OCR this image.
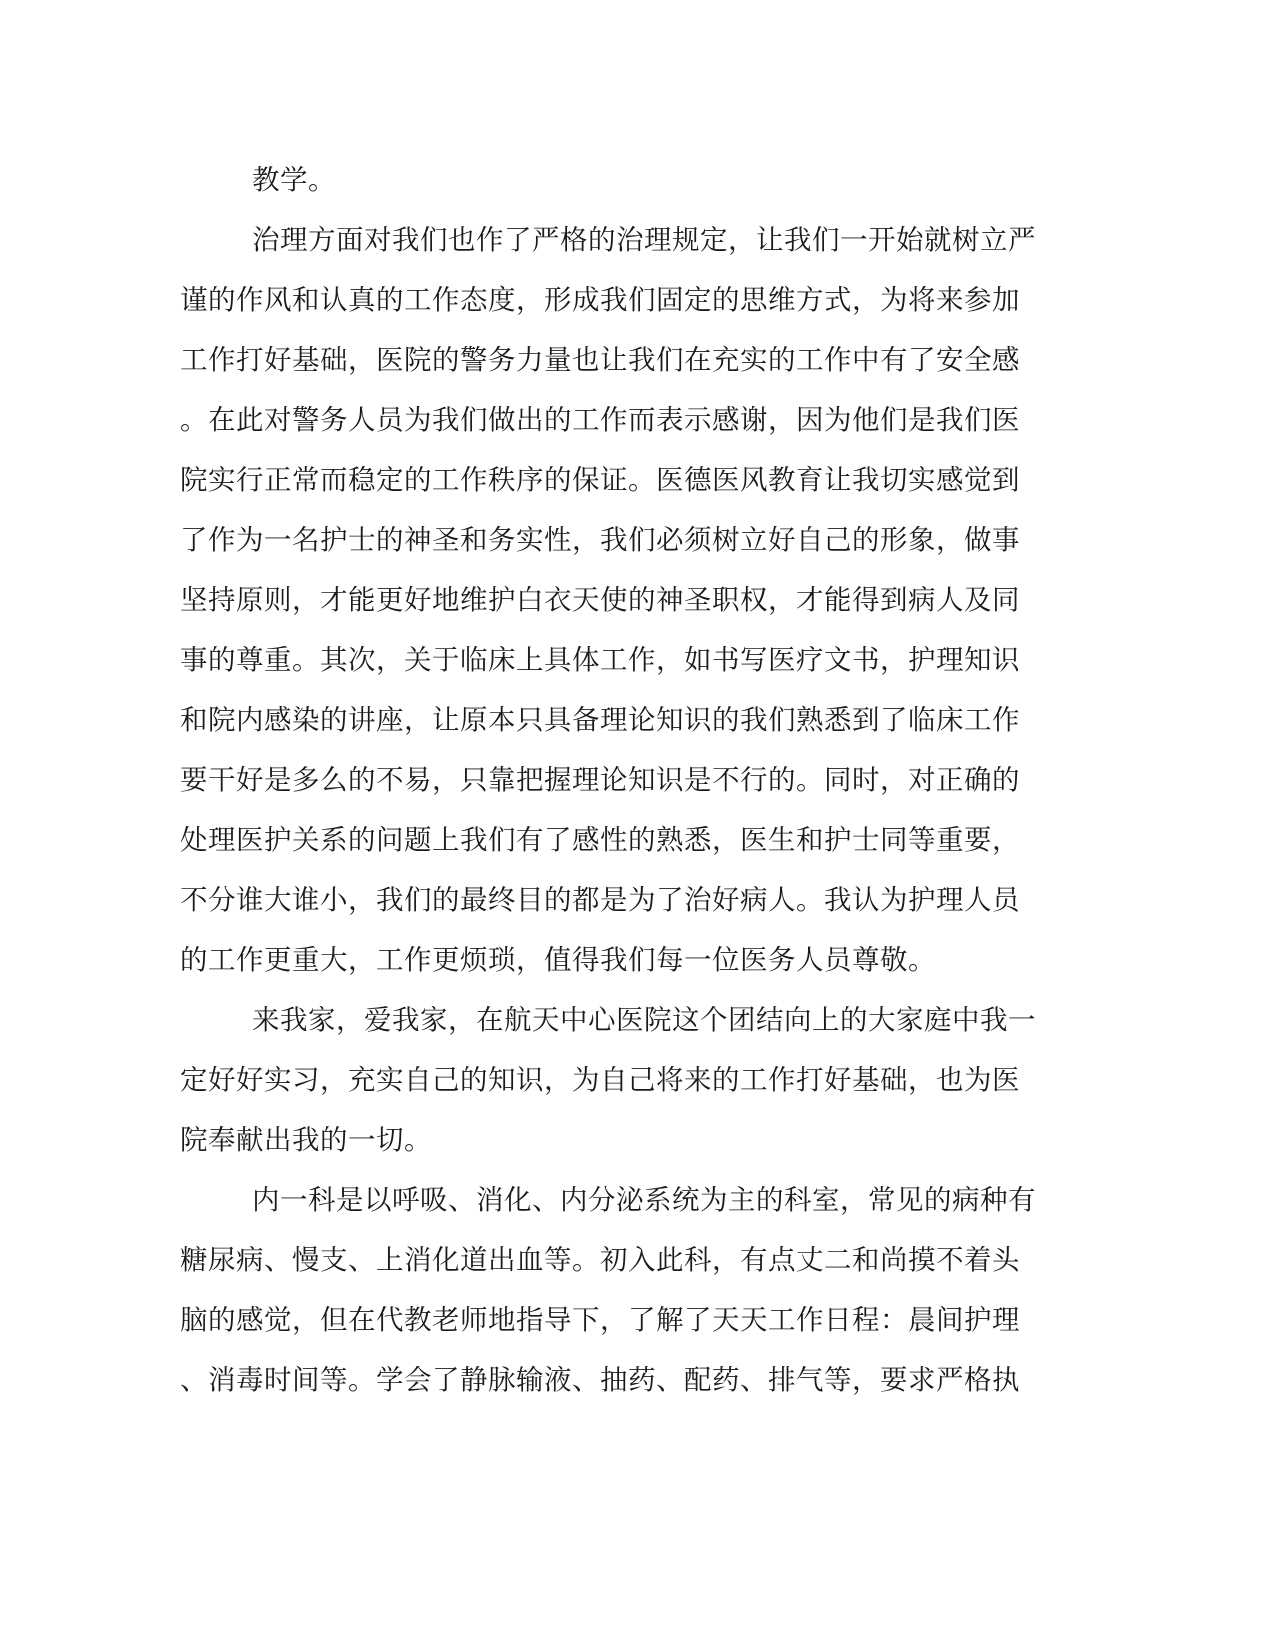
教学。
治理方面对我们也作了严格的治理规定，让我们一开始就树立严
谨的作风和认真的工作态度，形成我们固定的思维方式，为将来参加
工作打好基础，医院的警务力量也让我们在充实的工作中有了安全感
。在此对警务人员为我们做出的工作而表示感谢，因为他们是我们医
院实行正常而稳定的工作秩序的保证。医德医风教育让我切实感觉到
了作为一名护士的神圣和务实性，我们必须树立好自己的形象，做事
坚持原则，才能更好地维护白衣天使的神圣职权，才能得到病人及同
事的尊重。其次，关于临床上具体工作，如书写医疗文书，护理知识
和院内感染的讲座，让原本只具备理论知识的我们熟悉到了临床工作
要干好是多么的不易，只靠把握理论知识是不行的。同时，对正确的
处理医护关系的问题上我们有了感性的熟悉，医生和护士同等重要，
不分谁大谁小，我们的最终目的都是为了治好病人。我认为护理人员
的工作更重大，工作更烦琐，值得我们每一位医务人员尊敬。
来我家，爱我家，在航天中心医院这个团结向上的大家庭中我一
定好好实习，充实自己的知识，为自己将来的工作打好基础，也为医
院奉献出我的一切。
内一科是以呼吸、消化、内分泌系统为主的科室，常见的病种有
糖尿病、慢支、上消化道出血等。初入此科，有点丈二和尚摸不着头
脑的感觉，但在代教老师地指导下，了解了天天工作日程：晨间护理
、消毒时间等。学会了静脉输液、抽药、配药、排气等，要求严格执
